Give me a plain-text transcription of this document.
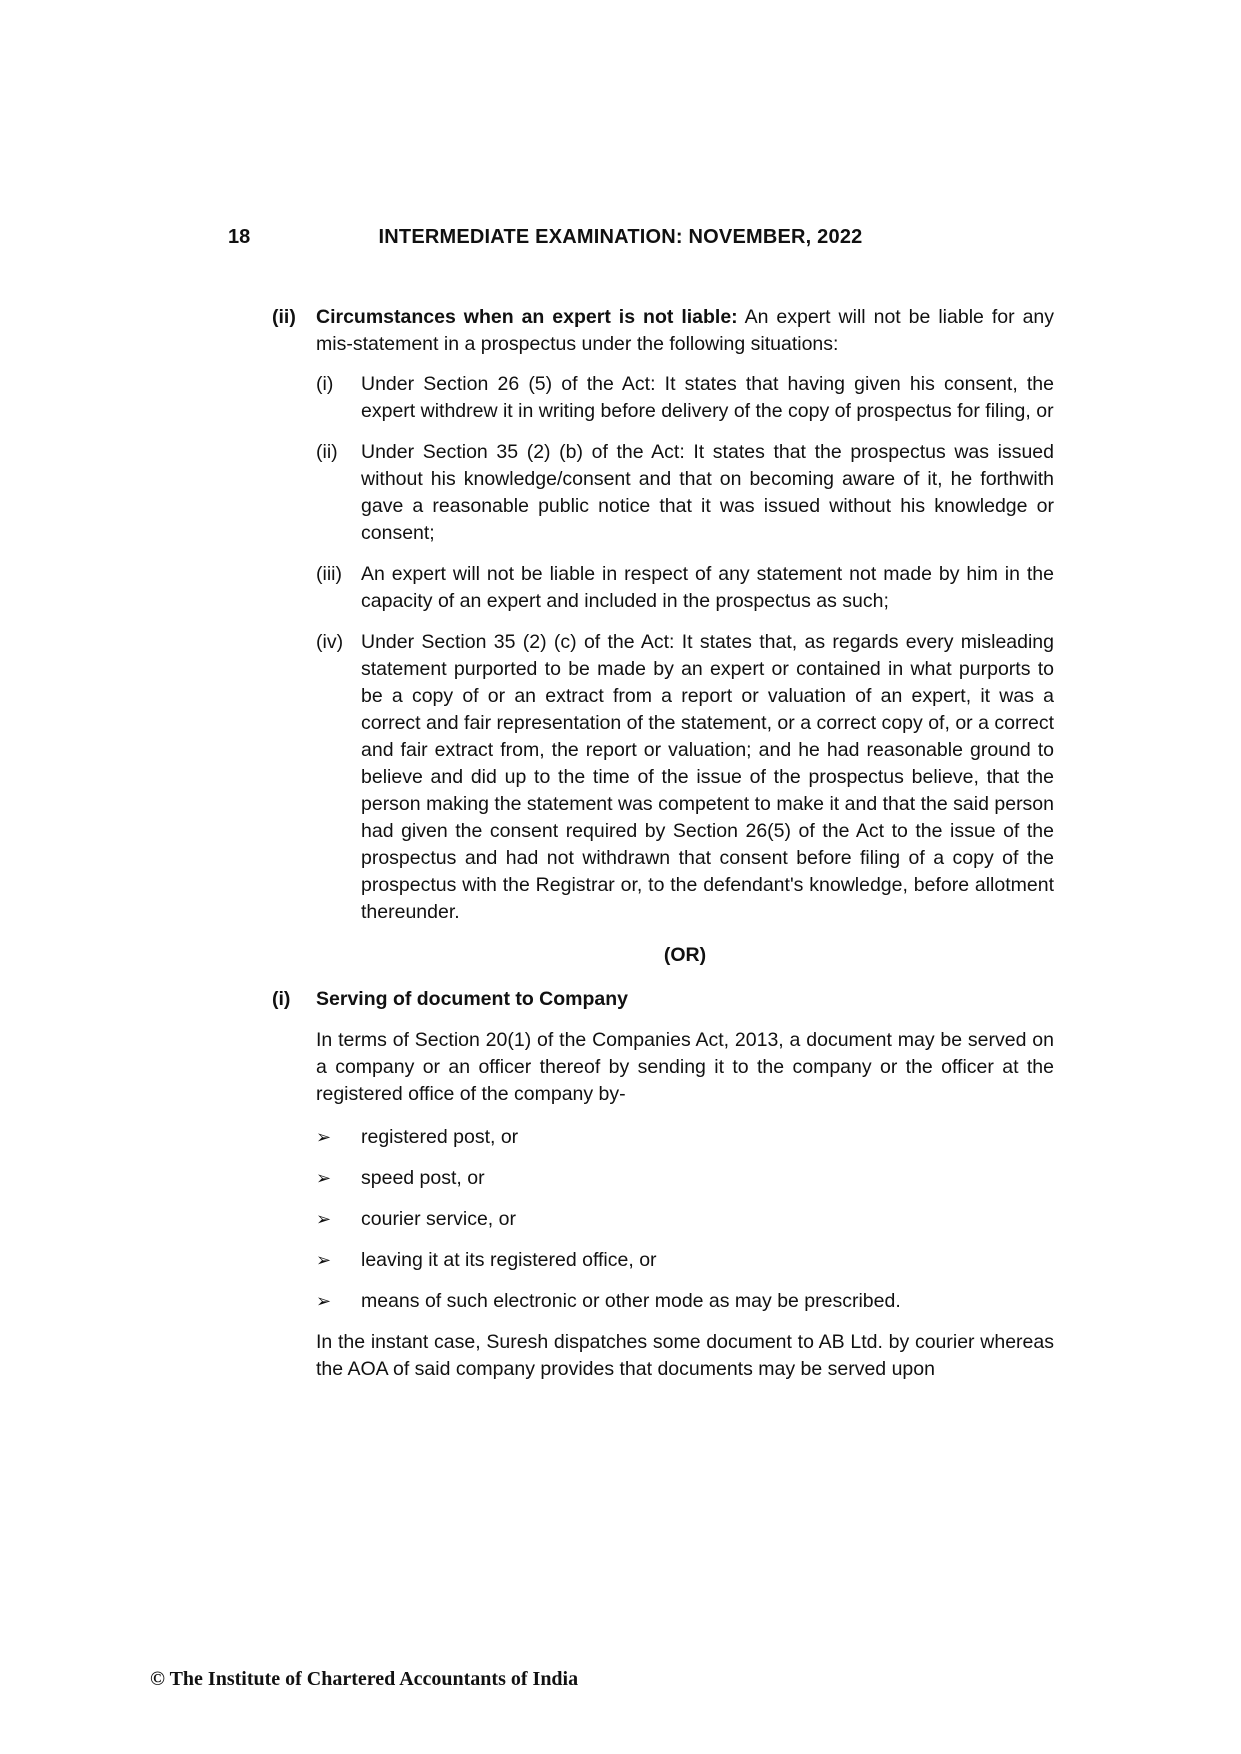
18	INTERMEDIATE EXAMINATION: NOVEMBER, 2022
(ii)	Circumstances when an expert is not liable: An expert will not be liable for any mis-statement in a prospectus under the following situations:
(i)	Under Section 26 (5) of the Act: It states that having given his consent, the expert withdrew it in writing before delivery of the copy of prospectus for filing, or
(ii)	Under Section 35 (2) (b) of the Act: It states that the prospectus was issued without his knowledge/consent and that on becoming aware of it, he forthwith gave a reasonable public notice that it was issued without his knowledge or consent;
(iii) An expert will not be liable in respect of any statement not made by him in the capacity of an expert and included in the prospectus as such;
(iv) Under Section 35 (2) (c) of the Act: It states that, as regards every misleading statement purported to be made by an expert or contained in what purports to be a copy of or an extract from a report or valuation of an expert, it was a correct and fair representation of the statement, or a correct copy of, or a correct and fair extract from, the report or valuation; and he had reasonable ground to believe and did up to the time of the issue of the prospectus believe, that the person making the statement was competent to make it and that the said person had given the consent required by Section 26(5) of the Act to the issue of the prospectus and had not withdrawn that consent before filing of a copy of the prospectus with the Registrar or, to the defendant's knowledge, before allotment thereunder.
(OR)
(i)	Serving of document to Company
In terms of Section 20(1) of the Companies Act, 2013, a document may be served on a company or an officer thereof by sending it to the company or the officer at the registered office of the company by-
➢	registered post, or
➢	speed post, or
➢	courier service, or
➢	leaving it at its registered office, or
➢	means of such electronic or other mode as may be prescribed.
In the instant case, Suresh dispatches some document to AB Ltd. by courier whereas the AOA of said company provides that documents may be served upon
© The Institute of Chartered Accountants of India
